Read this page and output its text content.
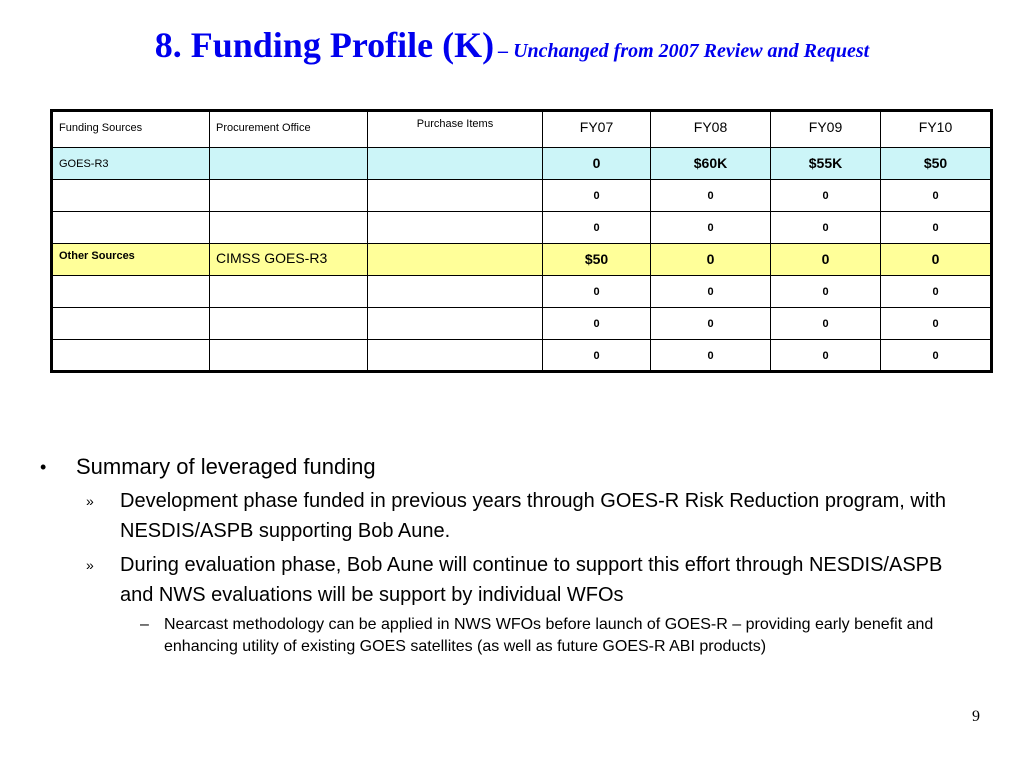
8. Funding Profile (K) – Unchanged from 2007 Review and Request
Funding Sources	Procurement Office	Purchase Items	FY07	FY08	FY09	FY10
GOES-R3			0	$60K	$55K	$50
			0	0	0	0
			0	0	0	0
Other Sources	CIMSS GOES-R3		$50	0	0	0
			0	0	0	0
			0	0	0	0
			0	0	0	0
• Summary of leveraged funding
» Development phase funded in previous years through GOES-R Risk Reduction program, with NESDIS/ASPB supporting Bob Aune.
» During evaluation phase, Bob Aune will continue to support this effort through NESDIS/ASPB and NWS evaluations will be support by individual WFOs
– Nearcast methodology can be applied in NWS WFOs before launch of GOES-R – providing early benefit and enhancing utility of existing GOES satellites (as well as future GOES-R ABI products)
9
